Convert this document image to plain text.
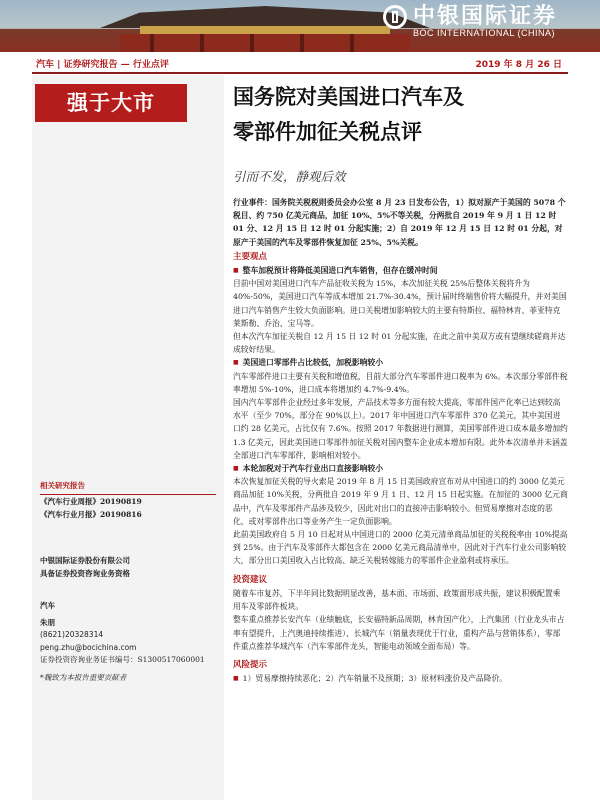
中银国际证券
BOC INTERNATIONAL (CHINA)
汽车 | 证券研究报告 — 行业点评	2019 年 8 月 26 日
强于大市
相关研究报告
《汽车行业周报》20190819
《汽车行业月报》20190816
中银国际证券股份有限公司
具备证券投资咨询业务资格
汽车
朱朋
(8621)20328314
peng.zhu@bocichina.com
证券投资咨询业务证书编号：S1300517060001
*魏致为本报告重要贡献者
国务院对美国进口汽车及
零部件加征关税点评
引而不发，静观后效

行业事件：国务院关税税则委员会办公室 8 月 23 日发布公告，1）拟对原产于美国的 5078 个税目、约 750 亿美元商品，加征 10%、5%不等关税，分两批自 2019 年 9 月 1 日 12 时 01 分、12 月 15 日 12 时 01 分起实施；2）自 2019 年 12 月 15 日 12 时 01 分起，对原产于美国的汽车及零部件恢复加征 25%、5%关税。

主要观点

■ 整车加税预计将降低美国进口汽车销售，但存在缓冲时间

目前中国对美国进口汽车产品征收关税为 15%，本次加征关税 25%后整体关税将升为 40%-50%，美国进口汽车等成本增加 21.7%-30.4%，预计届时终端售价将大幅提升，并对美国进口汽车销售产生较大负面影响。进口关税增加影响较大的主要有特斯拉、福特林肯、菲亚特克莱斯勒、乔治、宝马等。

但本次汽车加征关税自 12 月 15 日 12 时 01 分起实施，在此之前中美双方或有望继续磋商并达成较好结果。

■ 美国进口零部件占比较低，加税影响较小

汽车零部件进口主要有关税和增值税，目前大部分汽车零部件进口税率为 6%。本次部分零部件税率增加 5%-10%，进口成本将增加约 4.7%-9.4%。

国内汽车零部件企业经过多年发展，产品技术等多方面有较大提高，零部件国产化率已达到较高水平（至少 70%，部分在 90%以上）。2017 年中国进口汽车零部件 370 亿美元，其中美国进口约 28 亿美元，占比仅有 7.6%。按照 2017 年数据进行测算，美国零部件进口成本最多增加约 1.3 亿美元，因此美国进口零部件加征关税对国内整车企业成本增加有限。此外本次清单并未涵盖全部进口汽车零部件，影响相对较小。

■ 本轮加税对于汽车行业出口直接影响较小

本次恢复加征关税的导火索是 2019 年 8 月 15 日美国政府宣布对从中国进口的约 3000 亿美元商品加征 10%关税，分两批自 2019 年 9 月 1 日、12 月 15 日起实施。在加征的 3000 亿元商品中，汽车及零部件产品涉及较少，因此对出口的直接冲击影响较小。但贸易摩擦对态度的恶化，或对零部件出口等业务产生一定负面影响。

此前美国政府自 5 月 10 日起对从中国进口的 2000 亿美元清单商品加征的关税税率由 10%提高到 25%。由于汽车及零部件大都包含在 2000 亿美元商品清单中，因此对于汽车行业公司影响较大，部分出口美国收入占比较高、缺乏关税转嫁能力的零部件企业盈利或将承压。

投资建议

随着车市复苏，下半年同比数据明显改善，基本面、市场面、政策面形成共振，建议积极配置乘用车及零部件板块。

整车重点推荐长安汽车（业绩触底，长安福特新品周期，林肯国产化），上汽集团（行业龙头市占率有望提升，上汽奥迪持续推进）、长城汽车（销量表现优于行业，重构产品与营销体系），零部件重点推荐华域汽车（汽车零部件龙头，智能电动领域全面布局）等。

风险提示

■ 1）贸易摩擦持续恶化；2）汽车销量不及预期；3）原材料涨价及产品降价。
